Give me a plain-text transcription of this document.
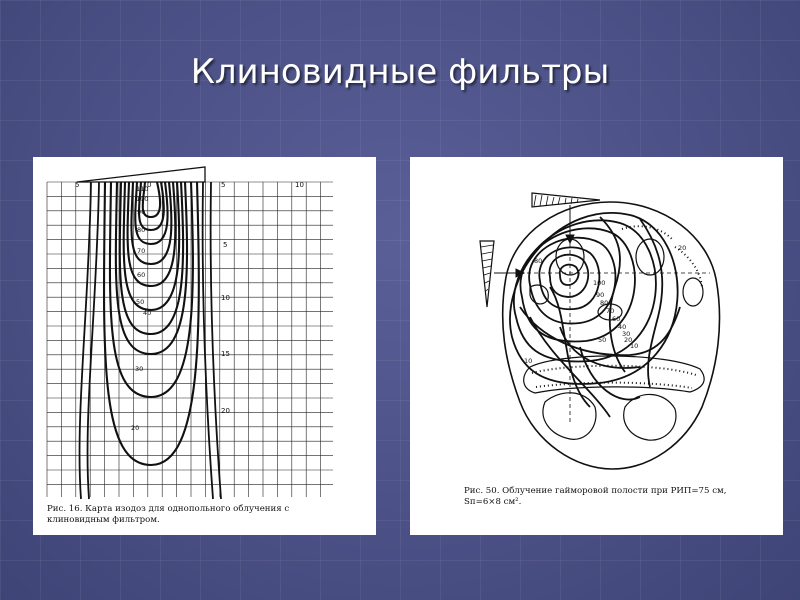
Клиновидные фильтры
5	0	5	10
5
10
15
20
110
100
90
80
70
60
50
40
30
20
Рис. 16. Карта изодоз для однопольного облучения с
клиновидным фильтром.
20
80
100
90
80
70
60
50
40
30
20
10
10
Рис. 50. Облучение гайморовой полости при РИП=75 см,
Sп=6×8 см².
